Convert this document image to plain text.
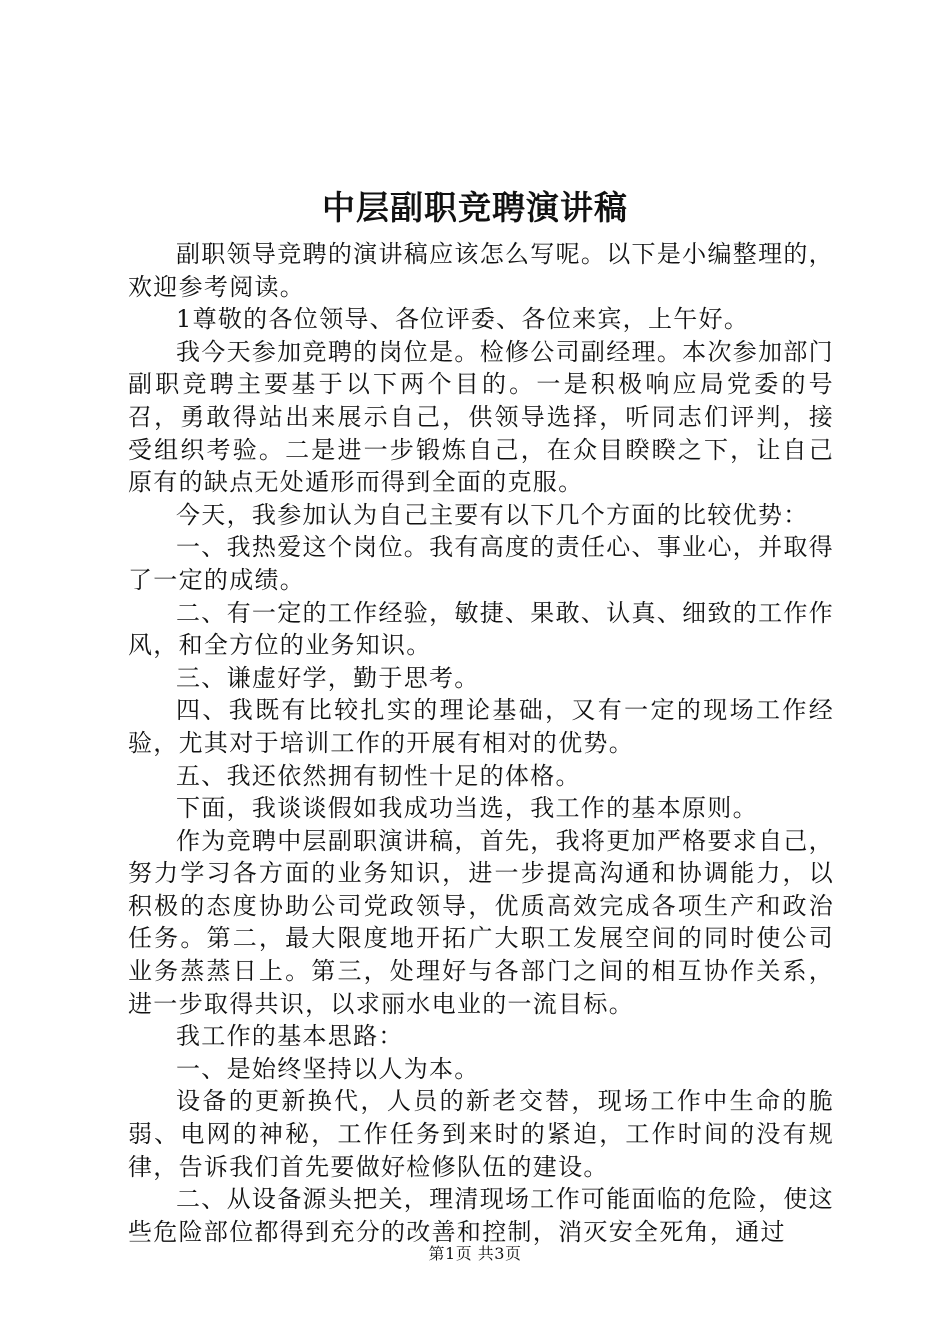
中层副职竞聘演讲稿

副职领导竞聘的演讲稿应该怎么写呢。以下是小编整理的，欢迎参考阅读。

1尊敬的各位领导、各位评委、各位来宾，上午好。

我今天参加竞聘的岗位是。检修公司副经理。本次参加部门副职竞聘主要基于以下两个目的。一是积极响应局党委的号召，勇敢得站出来展示自己，供领导选择，听同志们评判，接受组织考验。二是进一步锻炼自己，在众目睽睽之下，让自己原有的缺点无处遁形而得到全面的克服。

今天，我参加认为自己主要有以下几个方面的比较优势：

一、我热爱这个岗位。我有高度的责任心、事业心，并取得了一定的成绩。

二、有一定的工作经验，敏捷、果敢、认真、细致的工作作风，和全方位的业务知识。

三、谦虚好学，勤于思考。

四、我既有比较扎实的理论基础，又有一定的现场工作经验，尤其对于培训工作的开展有相对的优势。

五、我还依然拥有韧性十足的体格。

下面，我谈谈假如我成功当选，我工作的基本原则。

作为竞聘中层副职演讲稿，首先，我将更加严格要求自己，努力学习各方面的业务知识，进一步提高沟通和协调能力，以积极的态度协助公司党政领导，优质高效完成各项生产和政治任务。第二，最大限度地开拓广大职工发展空间的同时使公司业务蒸蒸日上。第三，处理好与各部门之间的相互协作关系，进一步取得共识，以求丽水电业的一流目标。

我工作的基本思路：

一、是始终坚持以人为本。

设备的更新换代，人员的新老交替，现场工作中生命的脆弱、电网的神秘，工作任务到来时的紧迫，工作时间的没有规律，告诉我们首先要做好检修队伍的建设。

二、从设备源头把关，理清现场工作可能面临的危险，使这些危险部位都得到充分的改善和控制，消灭安全死角，通过

第1页 共3页
